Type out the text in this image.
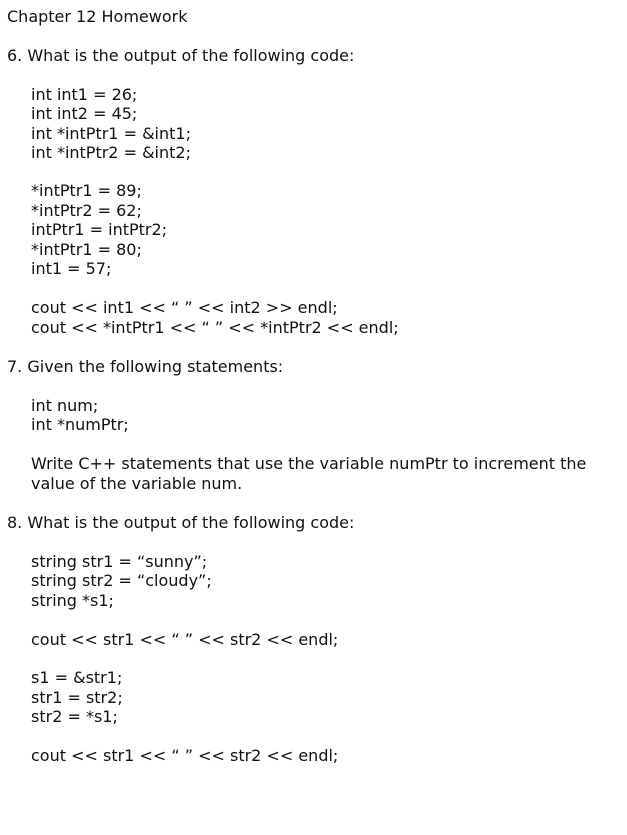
Chapter 12 Homework
6. What is the output of the following code:
int int1 = 26;
int int2 = 45;
int *intPtr1 = &int1;
int *intPtr2 = &int2;
*intPtr1 = 89;
*intPtr2 = 62;
intPtr1 = intPtr2;
*intPtr1 = 80;
int1 = 57;
cout << int1 << “ ” << int2 >> endl;
cout << *intPtr1 << “ ” << *intPtr2 << endl;
7. Given the following statements:
int num;
int *numPtr;
Write C++ statements that use the variable numPtr to increment the
value of the variable num.
8. What is the output of the following code:
string str1 = “sunny”;
string str2 = “cloudy”;
string *s1;
cout << str1 << “ ” << str2 << endl;
s1 = &str1;
str1 = str2;
str2 = *s1;
cout << str1 << “ ” << str2 << endl;
